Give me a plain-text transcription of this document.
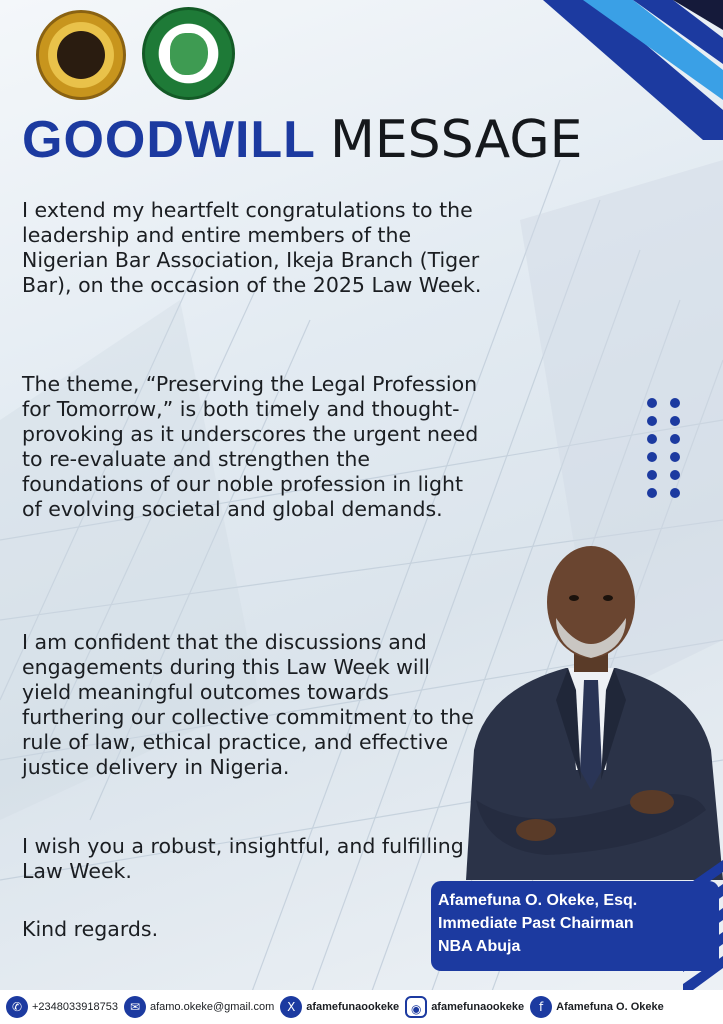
GOODWILL MESSAGE

I extend my heartfelt congratulations to the leadership and entire members of the Nigerian Bar Association, Ikeja Branch (Tiger Bar), on the occasion of the 2025 Law Week.

The theme, “Preserving the Legal Profession for Tomorrow,” is both timely and thought-provoking as it underscores the urgent need to re-evaluate and strengthen the foundations of our noble profession in light of evolving societal and global demands.

I am confident that the discussions and engagements during this Law Week will yield meaningful outcomes towards furthering our collective commitment to the rule of law, ethical practice, and effective justice delivery in Nigeria.

I wish you a robust, insightful, and fulfilling Law Week.

Kind regards.

Afamefuna O. Okeke, Esq.
Immediate Past Chairman
NBA Abuja
✆ +2348033918753 ✉ afamo.okeke@gmail.com	X afamefunaookeke ◉ afamefunaookeke	f	Afamefuna O. Okeke
